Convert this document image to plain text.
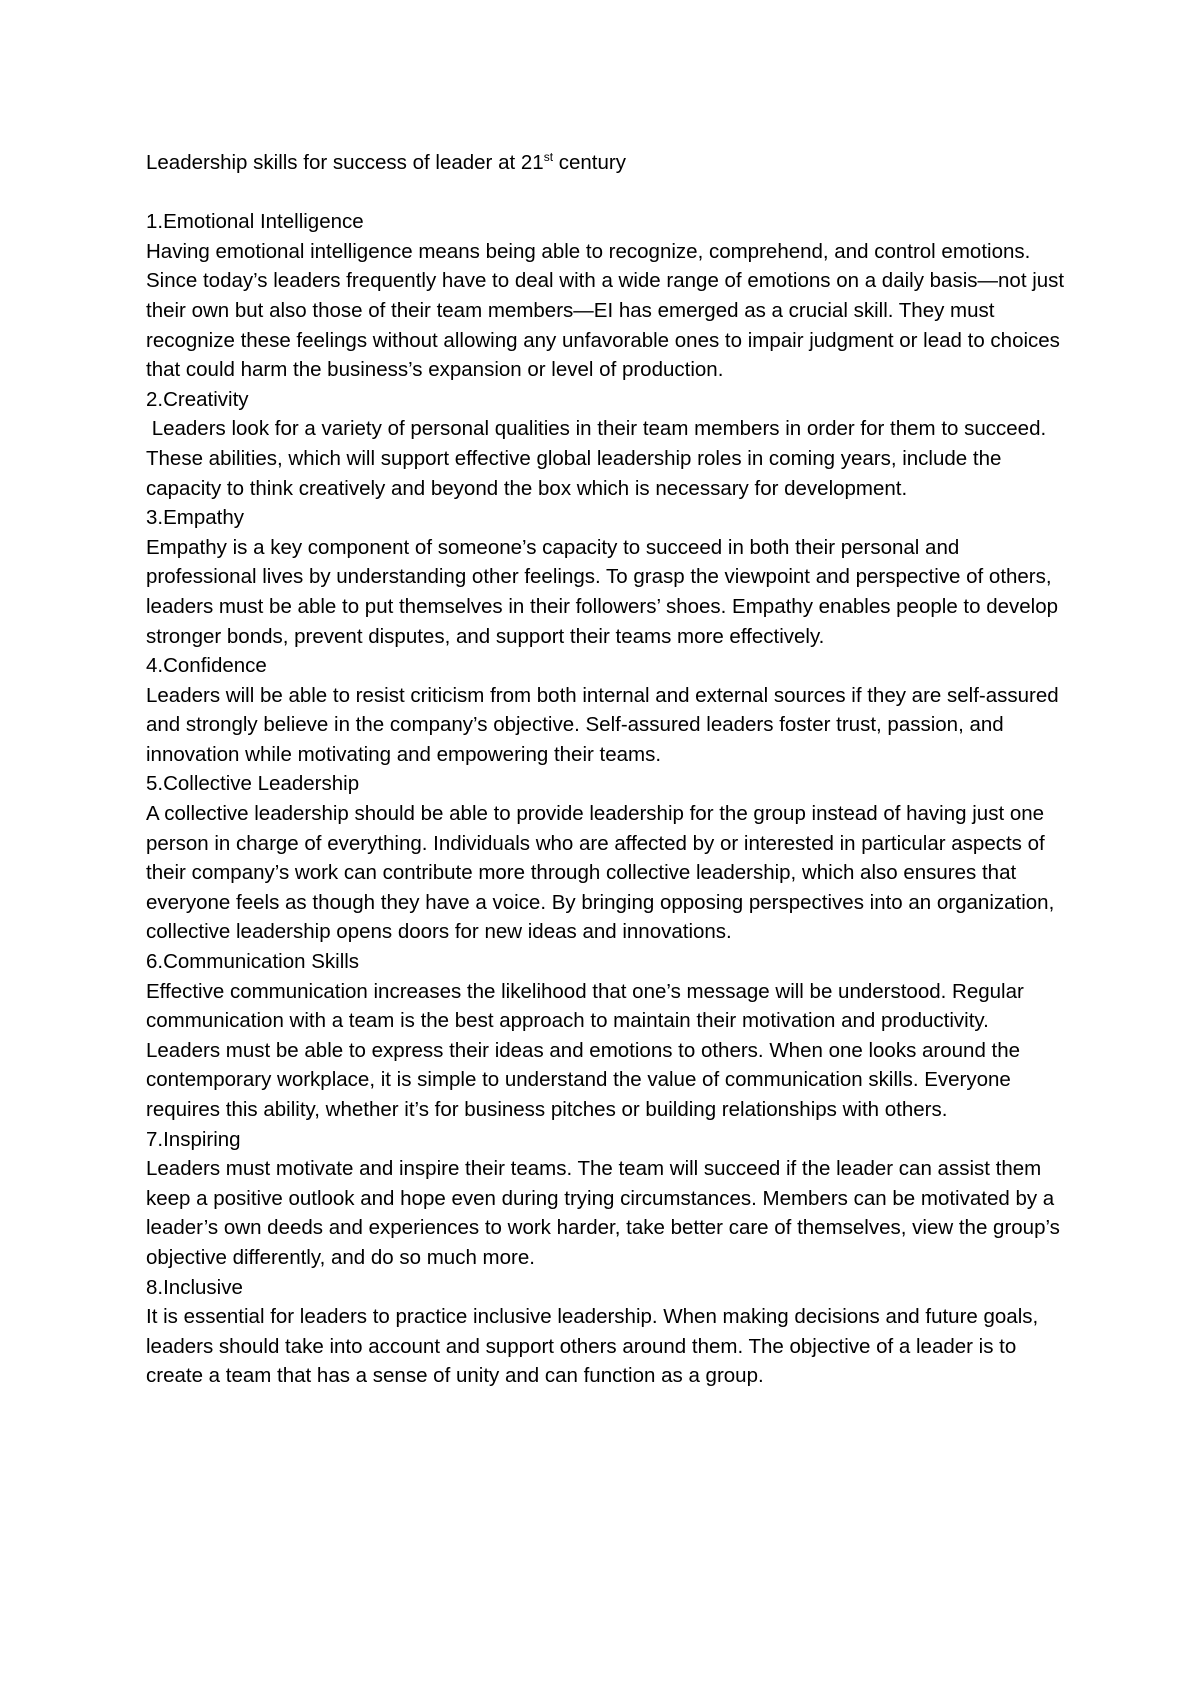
Leadership skills for success of leader at 21st century
1.Emotional Intelligence

Having emotional intelligence means being able to recognize, comprehend, and control emotions. Since today’s leaders frequently have to deal with a wide range of emotions on a daily basis—not just their own but also those of their team members—EI has emerged as a crucial skill. They must recognize these feelings without allowing any unfavorable ones to impair judgment or lead to choices that could harm the business’s expansion or level of production.

2.Creativity

Leaders look for a variety of personal qualities in their team members in order for them to succeed. These abilities, which will support effective global leadership roles in coming years, include the capacity to think creatively and beyond the box which is necessary for development.

3.Empathy

Empathy is a key component of someone’s capacity to succeed in both their personal and professional lives by understanding other feelings. To grasp the viewpoint and perspective of others, leaders must be able to put themselves in their followers’ shoes. Empathy enables people to develop stronger bonds, prevent disputes, and support their teams more effectively.

4.Confidence

Leaders will be able to resist criticism from both internal and external sources if they are self-assured and strongly believe in the company’s objective. Self-assured leaders foster trust, passion, and innovation while motivating and empowering their teams.

5.Collective Leadership

A collective leadership should be able to provide leadership for the group instead of having just one person in charge of everything. Individuals who are affected by or interested in particular aspects of their company’s work can contribute more through collective leadership, which also ensures that everyone feels as though they have a voice. By bringing opposing perspectives into an organization, collective leadership opens doors for new ideas and innovations.

6.Communication Skills

Effective communication increases the likelihood that one’s message will be understood. Regular communication with a team is the best approach to maintain their motivation and productivity. Leaders must be able to express their ideas and emotions to others. When one looks around the contemporary workplace, it is simple to understand the value of communication skills. Everyone requires this ability, whether it’s for business pitches or building relationships with others.

7.Inspiring

Leaders must motivate and inspire their teams. The team will succeed if the leader can assist them keep a positive outlook and hope even during trying circumstances. Members can be motivated by a leader’s own deeds and experiences to work harder, take better care of themselves, view the group’s objective differently, and do so much more.

8.Inclusive

It is essential for leaders to practice inclusive leadership. When making decisions and future goals, leaders should take into account and support others around them. The objective of a leader is to create a team that has a sense of unity and can function as a group.
